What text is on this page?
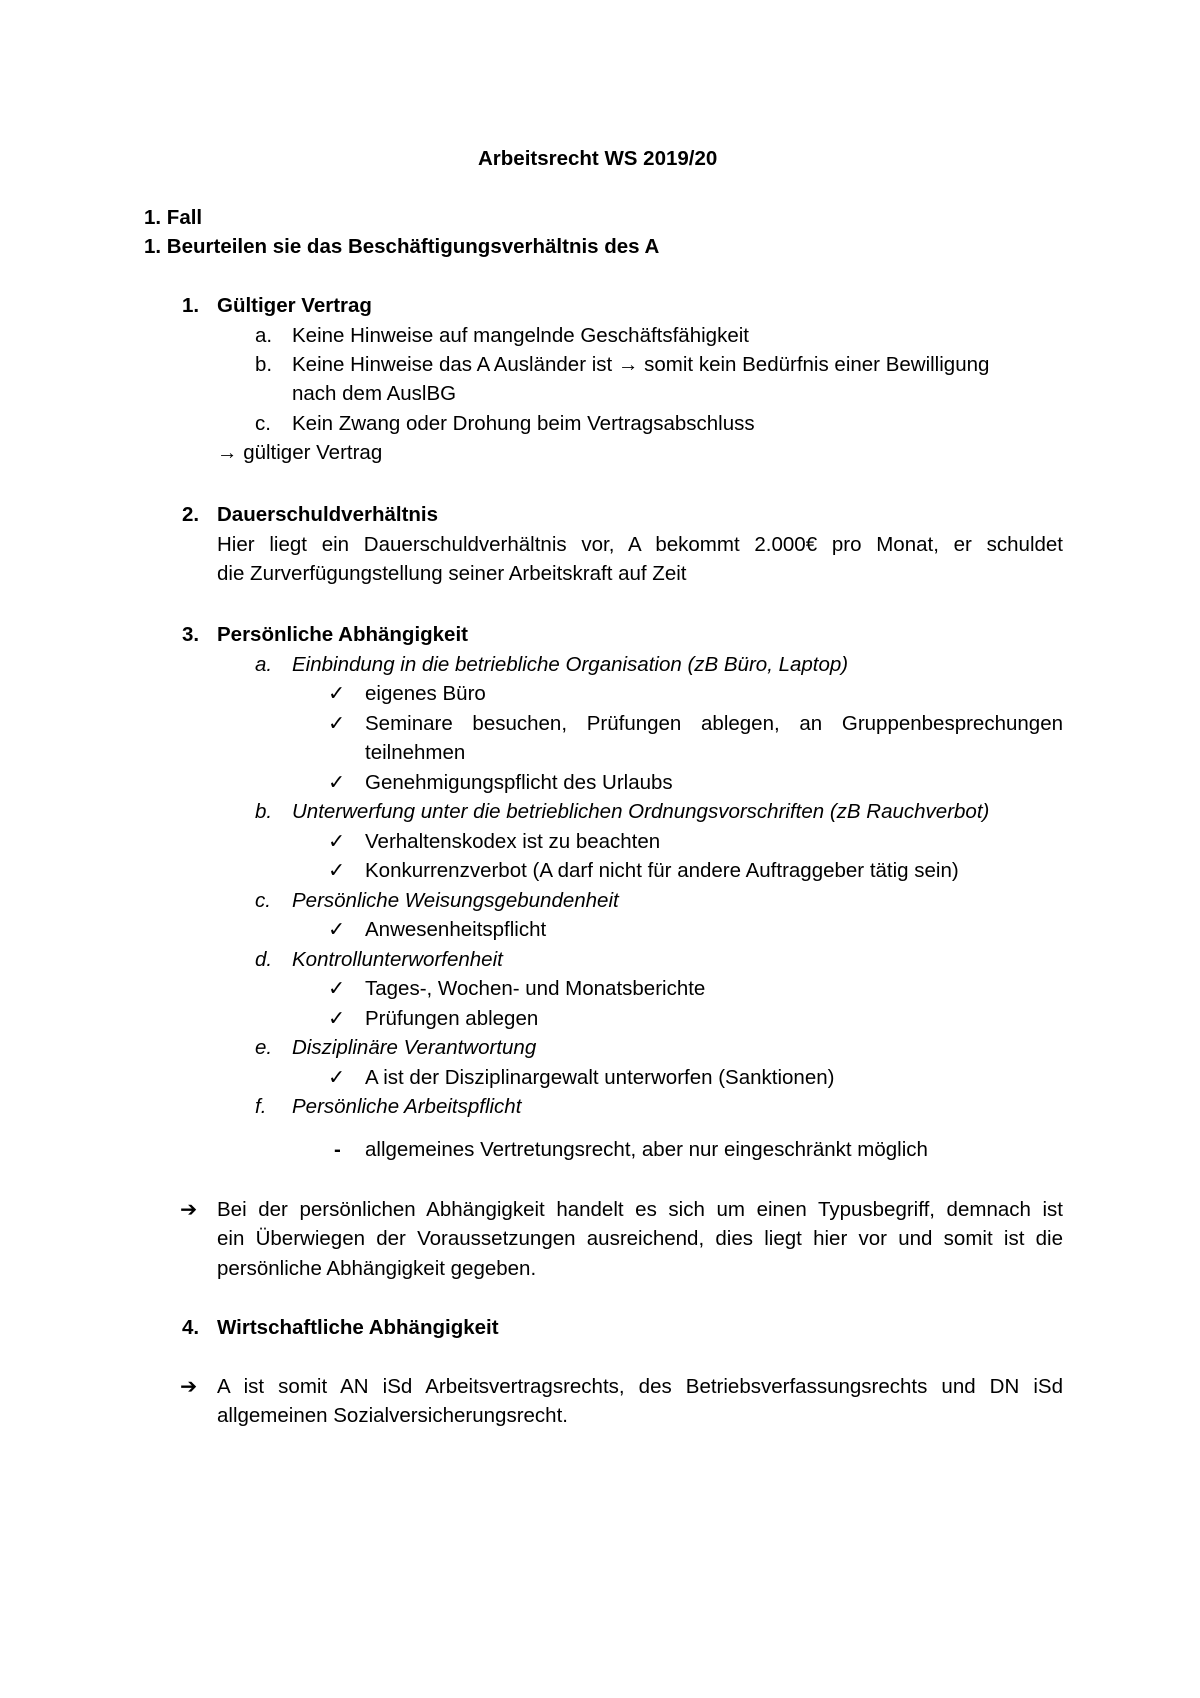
Arbeitsrecht WS 2019/20
1. Fall
1. Beurteilen sie das Beschäftigungsverhältnis des A
1. Gültiger Vertrag
a. Keine Hinweise auf mangelnde Geschäftsfähigkeit
b. Keine Hinweise das A Ausländer ist → somit kein Bedürfnis einer Bewilligung
nach dem AuslBG
c. Kein Zwang oder Drohung beim Vertragsabschluss
→ gültiger Vertrag
2. Dauerschuldverhältnis
Hier liegt ein Dauerschuldverhältnis vor, A bekommt 2.000€ pro Monat, er schuldet
die Zurverfügungstellung seiner Arbeitskraft auf Zeit
3. Persönliche Abhängigkeit
a. Einbindung in die betriebliche Organisation (zB Büro, Laptop)
✓ eigenes Büro
✓ Seminare besuchen, Prüfungen ablegen, an Gruppenbesprechungen
teilnehmen
✓ Genehmigungspflicht des Urlaubs
b. Unterwerfung unter die betrieblichen Ordnungsvorschriften (zB Rauchverbot)
✓ Verhaltenskodex ist zu beachten
✓ Konkurrenzverbot (A darf nicht für andere Auftraggeber tätig sein)
c. Persönliche Weisungsgebundenheit
✓ Anwesenheitspflicht
d. Kontrollunterworfenheit
✓ Tages-, Wochen- und Monatsberichte
✓ Prüfungen ablegen
e. Disziplinäre Verantwortung
✓ A ist der Disziplinargewalt unterworfen (Sanktionen)
f. Persönliche Arbeitspflicht
- allgemeines Vertretungsrecht, aber nur eingeschränkt möglich
➔ Bei der persönlichen Abhängigkeit handelt es sich um einen Typusbegriff, demnach ist
ein Überwiegen der Voraussetzungen ausreichend, dies liegt hier vor und somit ist die
persönliche Abhängigkeit gegeben.
4. Wirtschaftliche Abhängigkeit
➔ A ist somit AN iSd Arbeitsvertragsrechts, des Betriebsverfassungsrechts und DN iSd
allgemeinen Sozialversicherungsrecht.
